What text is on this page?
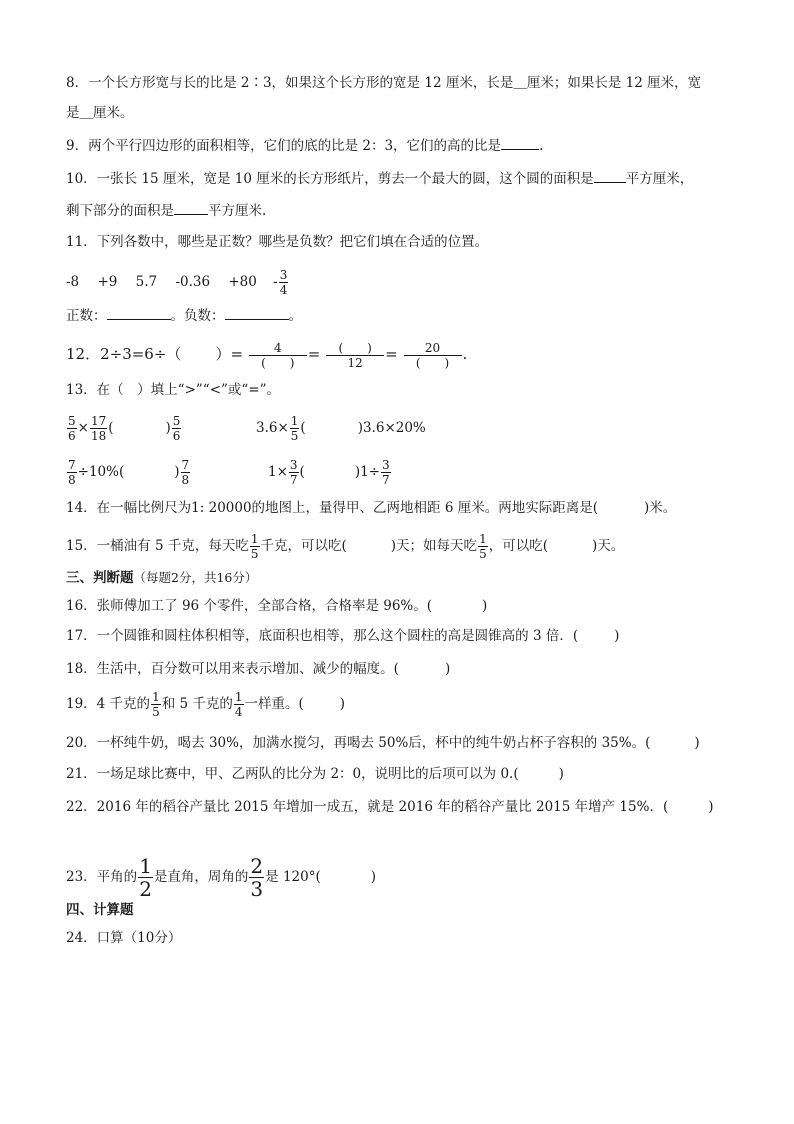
8．一个长方形宽与长的比是 2∶3，如果这个长方形的宽是 12 厘米，长是＿厘米；如果长是 12 厘米，宽
是＿厘米。
9．两个平行四边形的面积相等，它们的底的比是 2：3，它们的高的比是	.
10．一张长 15 厘米，宽是 10 厘米的长方形纸片，剪去一个最大的圆，这个圆的面积是 平方厘米，
剩下部分的面积是	平方厘米.
11．下列各数中，哪些是正数？哪些是负数？把它们填在合适的位置。
-8 +9 5.7 $-0.36 +80 - \frac{3}{4}$
正数：	。负数：	。
12．2÷3=6÷（ ）= $\frac{4}{( )} = \frac{( )}{12} = \frac{20}{( )}$ .
13．在（　）填上“>”“<”或“=”。
$\frac{5}{6} \times \frac{17}{18}$ (	) $\frac{5}{6}$	$3.6\times \frac{1}{5}$ (	)3.6×20%
$\frac{7}{8} \div 10\%$(	) $\frac{7}{8}$	$1\times \frac{3}{7}$ (	)$1\div \frac{3}{7}$
14．在一幅比例尺为1: 20000的地图上，量得甲、乙两地相距 6 厘米。两地实际距离是(	)米。
15．一桶油有 5 千克，每天吃 $\frac{1}{5}$ 千克，可以吃(	)天；如每天吃 $\frac{1}{5}$ ，可以吃(	)天。
三、判断题（每题2分，共16分）
16．张师傅加工了 96 个零件，全部合格，合格率是 96%。(	)
17．一个圆锥和圆柱体积相等，底面积也相等，那么这个圆柱的高是圆锥高的 3 倍．(	)
18．生活中，百分数可以用来表示增加、减少的幅度。(	)
19．4 千克的 $\frac{1}{5}$ 和 5 千克的 $\frac{1}{4}$ 一样重。(	)
20．一杯纯牛奶，喝去 30%，加满水搅匀，再喝去 50%后，杯中的纯牛奶占杯子容积的 35%。(	)
21．一场足球比赛中，甲、乙两队的比分为 2：0，说明比的后项可以为 0.(	)
22．2016 年的稻谷产量比 2015 年增加一成五，就是 2016 年的稻谷产量比 2015 年增产 15%．(	)
23．平角的 $\frac{1}{2}$ 是直角，周角的 $\frac{2}{3}$ 是 120°(	)
四、计算题
24．口算（10分）
